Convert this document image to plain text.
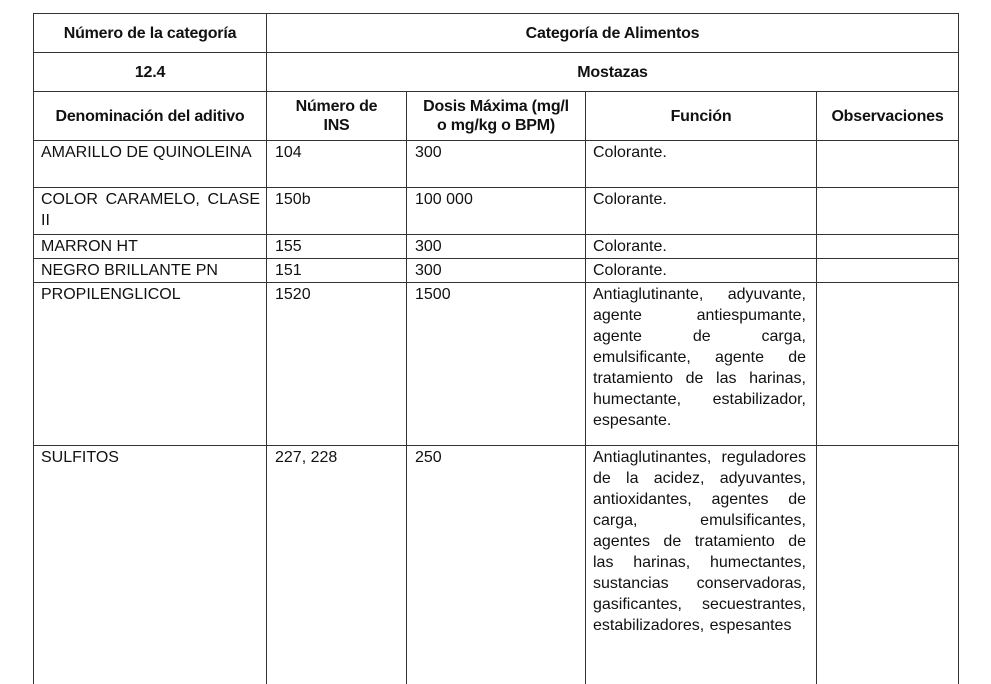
Número de la categoría	Categoría de Alimentos			
12.4	Mostazas			
Denominación del aditivo	Número de INS	Dosis Máxima (mg/l o mg/kg o BPM)	Función	Observaciones

AMARILLO DE QUINOLEINA	104	300	Colorante.	

COLOR CARAMELO, CLASE II	150b	100 000	Colorante.	

MARRON HT	155	300	Colorante.	

NEGRO BRILLANTE PN	151	300	Colorante.	

PROPILENGLICOL	1520	1500	Antiaglutinante, adyuvante, agente antiespumante, agente de carga, emulsificante, agente de tratamiento de las harinas, humectante, estabilizador, espesante.	

SULFITOS	227, 228	250	Antiaglutinantes, reguladores de la acidez, adyuvantes, antioxidantes, agentes de carga, emulsificantes, agentes de tratamiento de las harinas, humectantes, sustancias conservadoras, gasificantes, secuestrantes, estabilizadores, espesantes	
